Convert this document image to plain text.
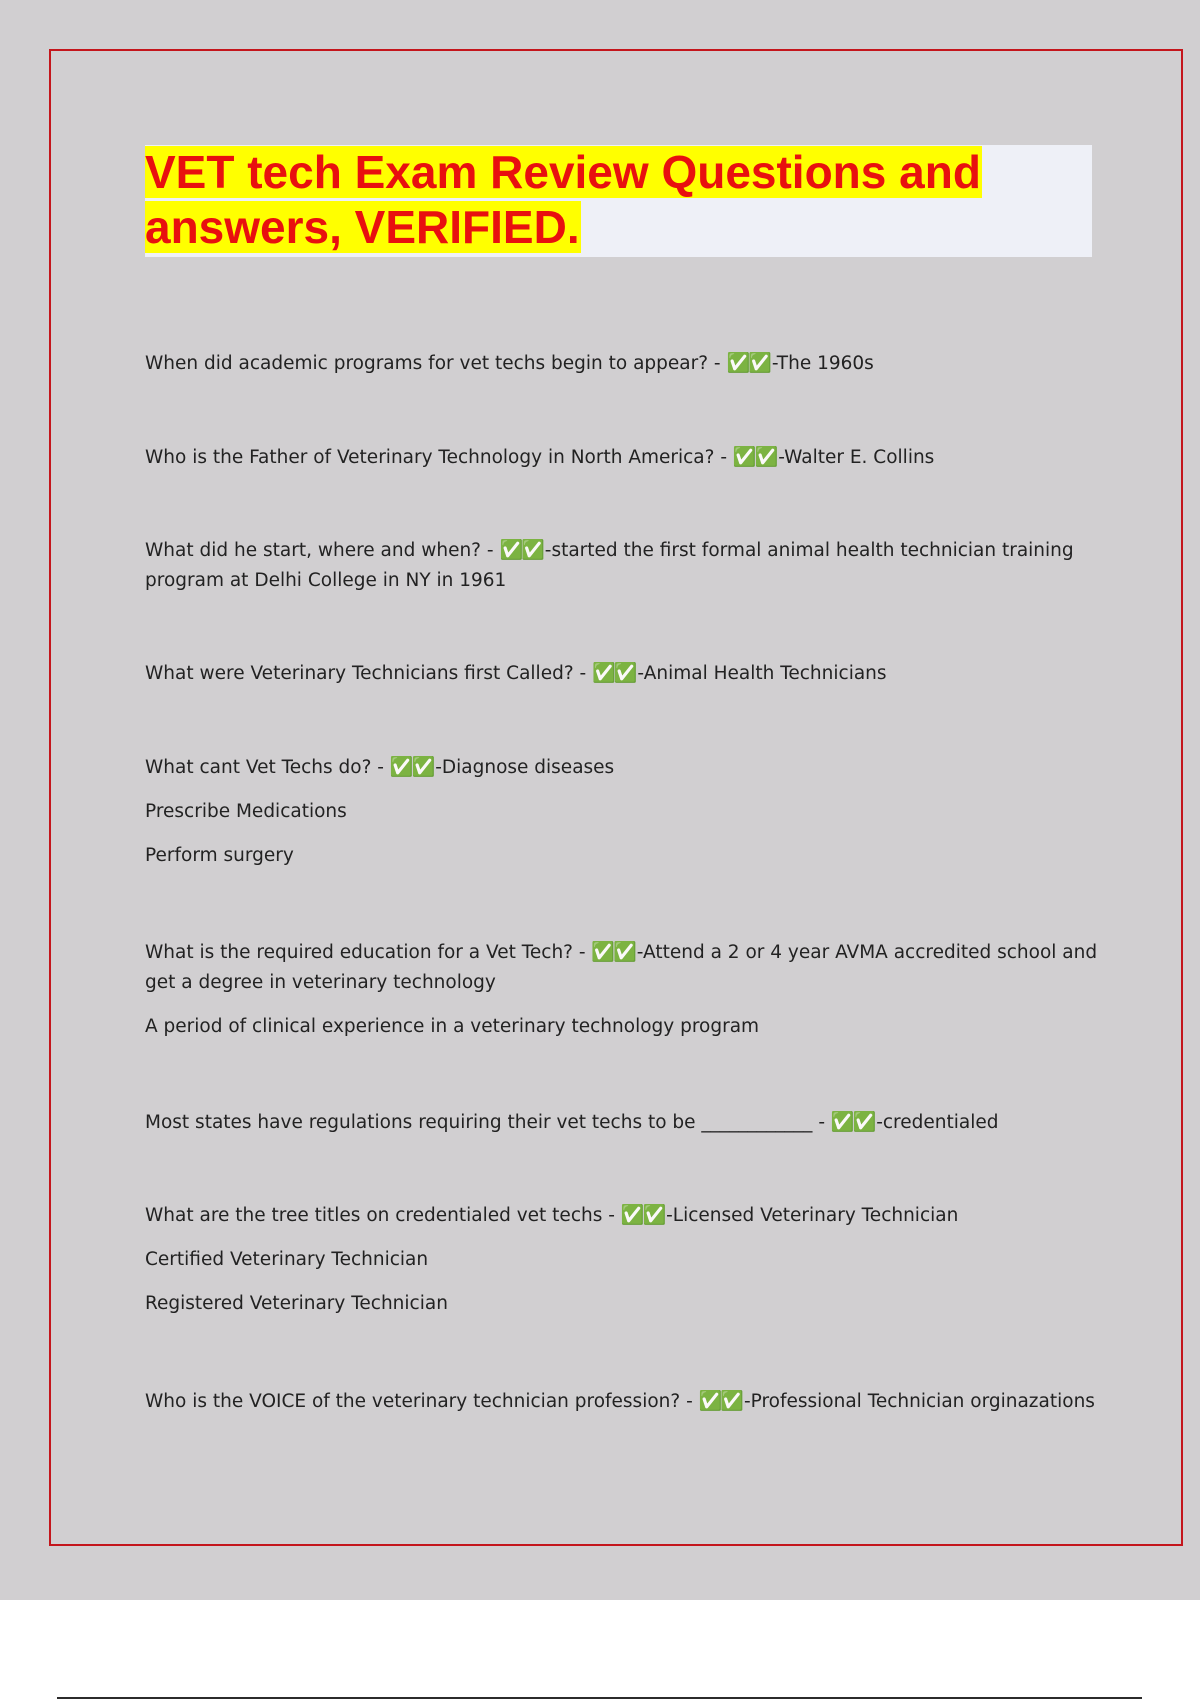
VET tech Exam Review Questions and
answers, VERIFIED.
When did academic programs for vet techs begin to appear? - ✅✅ -The 1960s
Who is the Father of Veterinary Technology in North America? - ✅✅ -Walter E. Collins
What did he start, where and when? - ✅✅ -started the first formal animal health technician training
program at Delhi College in NY in 1961
What were Veterinary Technicians first Called? - ✅✅ -Animal Health Technicians
What cant Vet Techs do? - ✅✅ -Diagnose diseases
Prescribe Medications
Perform surgery
What is the required education for a Vet Tech? - ✅✅ -Attend a 2 or 4 year AVMA accredited school and
get a degree in veterinary technology
A period of clinical experience in a veterinary technology program
Most states have regulations requiring their vet techs to be ____________ - ✅✅ -credentialed
What are the tree titles on credentialed vet techs - ✅✅ -Licensed Veterinary Technician
Certified Veterinary Technician
Registered Veterinary Technician
Who is the VOICE of the veterinary technician profession? - ✅✅ -Professional Technician orginazations
